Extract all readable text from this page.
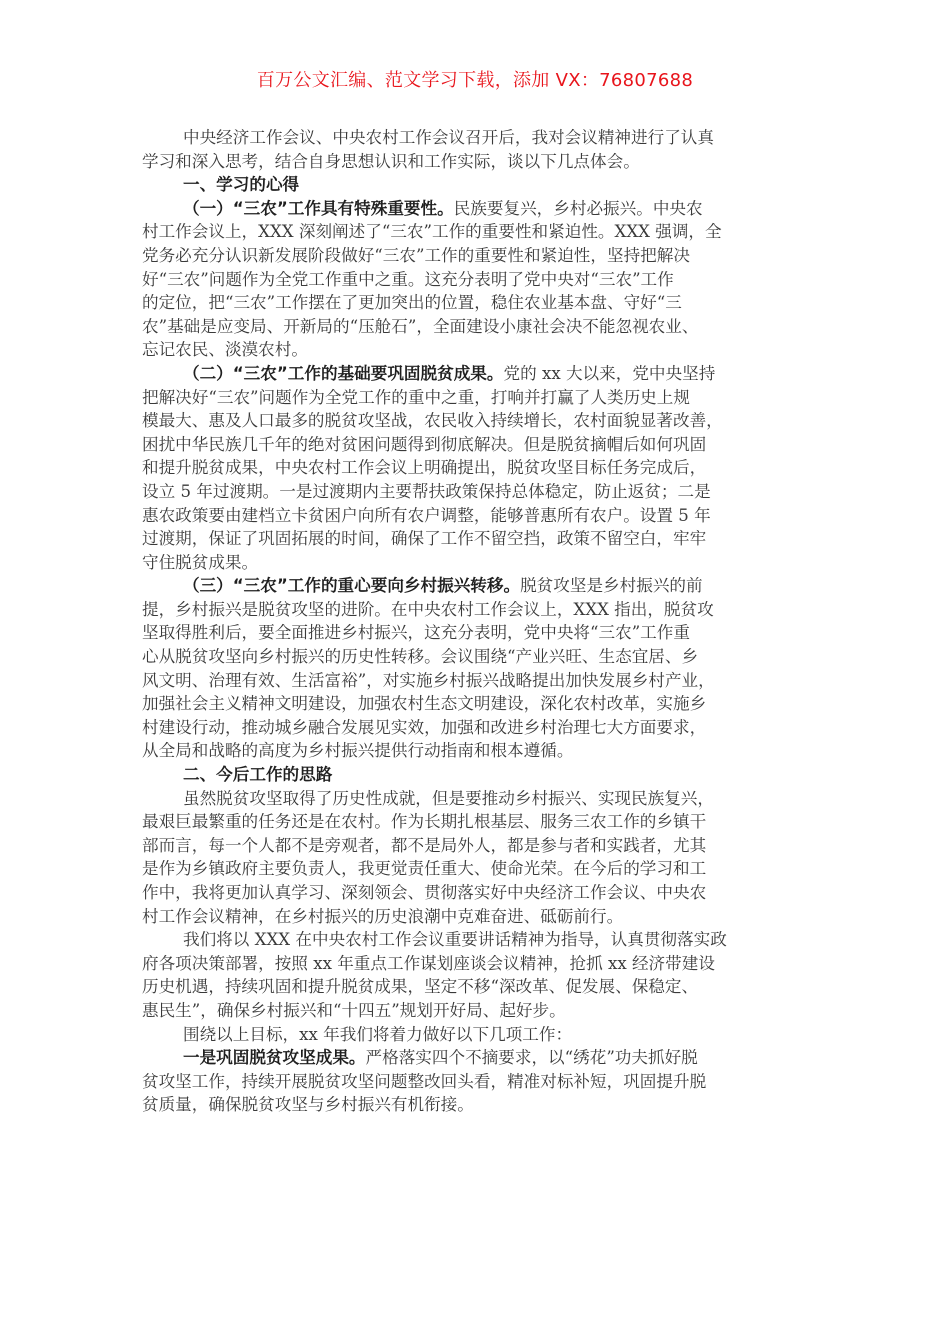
百万公文汇编、范文学习下载，添加 VX：76807688
中央经济工作会议、中央农村工作会议召开后，我对会议精神进行了认真
学习和深入思考，结合自身思想认识和工作实际，谈以下几点体会。
一、学习的心得
（一）“三农”工作具有特殊重要性。民族要复兴，乡村必振兴。中央农
村工作会议上，XXX 深刻阐述了“三农”工作的重要性和紧迫性。XXX 强调，全
党务必充分认识新发展阶段做好“三农”工作的重要性和紧迫性，坚持把解决
好“三农”问题作为全党工作重中之重。这充分表明了党中央对“三农”工作
的定位，把“三农”工作摆在了更加突出的位置，稳住农业基本盘、守好“三
农”基础是应变局、开新局的“压舱石”，全面建设小康社会决不能忽视农业、
忘记农民、淡漠农村。
（二）“三农”工作的基础要巩固脱贫成果。党的 xx 大以来，党中央坚持
把解决好“三农”问题作为全党工作的重中之重，打响并打赢了人类历史上规
模最大、惠及人口最多的脱贫攻坚战，农民收入持续增长，农村面貌显著改善，
困扰中华民族几千年的绝对贫困问题得到彻底解决。但是脱贫摘帽后如何巩固
和提升脱贫成果，中央农村工作会议上明确提出，脱贫攻坚目标任务完成后，
设立 5 年过渡期。一是过渡期内主要帮扶政策保持总体稳定，防止返贫；二是
惠农政策要由建档立卡贫困户向所有农户调整，能够普惠所有农户。设置 5 年
过渡期，保证了巩固拓展的时间，确保了工作不留空挡，政策不留空白，牢牢
守住脱贫成果。
（三）“三农”工作的重心要向乡村振兴转移。脱贫攻坚是乡村振兴的前
提，乡村振兴是脱贫攻坚的进阶。在中央农村工作会议上，XXX 指出，脱贫攻
坚取得胜利后，要全面推进乡村振兴，这充分表明，党中央将“三农”工作重
心从脱贫攻坚向乡村振兴的历史性转移。会议围绕“产业兴旺、生态宜居、乡
风文明、治理有效、生活富裕”，对实施乡村振兴战略提出加快发展乡村产业，
加强社会主义精神文明建设，加强农村生态文明建设，深化农村改革，实施乡
村建设行动，推动城乡融合发展见实效，加强和改进乡村治理七大方面要求，
从全局和战略的高度为乡村振兴提供行动指南和根本遵循。
二、今后工作的思路
虽然脱贫攻坚取得了历史性成就，但是要推动乡村振兴、实现民族复兴，
最艰巨最繁重的任务还是在农村。作为长期扎根基层、服务三农工作的乡镇干
部而言，每一个人都不是旁观者，都不是局外人，都是参与者和实践者，尤其
是作为乡镇政府主要负责人，我更觉责任重大、使命光荣。在今后的学习和工
作中，我将更加认真学习、深刻领会、贯彻落实好中央经济工作会议、中央农
村工作会议精神，在乡村振兴的历史浪潮中克难奋进、砥砺前行。
我们将以 XXX 在中央农村工作会议重要讲话精神为指导，认真贯彻落实政
府各项决策部署，按照 xx 年重点工作谋划座谈会议精神，抢抓 xx 经济带建设
历史机遇，持续巩固和提升脱贫成果，坚定不移“深改革、促发展、保稳定、
惠民生”，确保乡村振兴和“十四五”规划开好局、起好步。
围绕以上目标，xx 年我们将着力做好以下几项工作：
一是巩固脱贫攻坚成果。严格落实四个不摘要求，以“绣花”功夫抓好脱
贫攻坚工作，持续开展脱贫攻坚问题整改回头看，精准对标补短，巩固提升脱
贫质量，确保脱贫攻坚与乡村振兴有机衔接。
